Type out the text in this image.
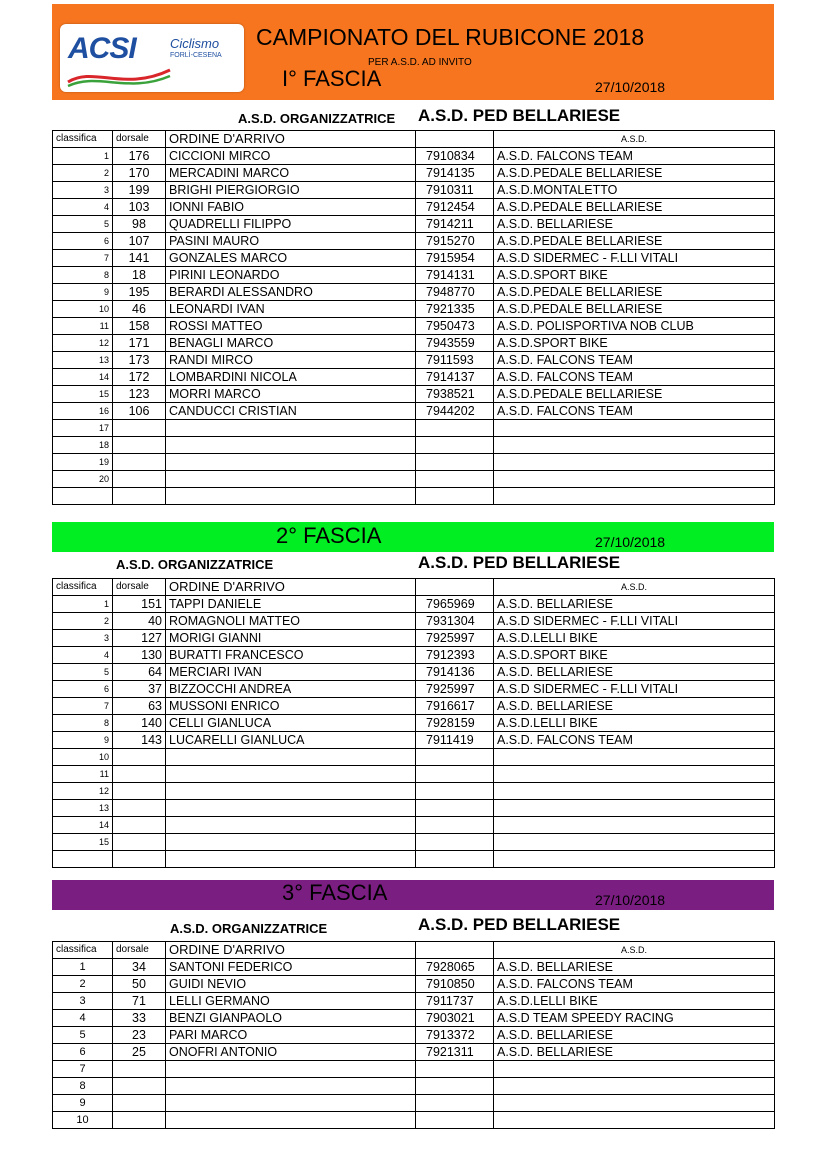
ACSI	Ciclismo
FORLÌ-CESENA
CAMPIONATO DEL RUBICONE 2018
PER A.S.D. AD INVITO
I° FASCIA	27/10/2018
A.S.D. ORGANIZZATRICE A.S.D. PED BELLARIESE
classifica	dorsale	ORDINE D'ARRIVO		A.S.D.
1	176	CICCIONI MIRCO	7910834	A.S.D. FALCONS TEAM
2	170	MERCADINI MARCO	7914135	A.S.D.PEDALE BELLARIESE
3	199	BRIGHI PIERGIORGIO	7910311	A.S.D.MONTALETTO
4	103	IONNI FABIO	7912454	A.S.D.PEDALE BELLARIESE
5	98	QUADRELLI FILIPPO	7914211	A.S.D. BELLARIESE
6	107	PASINI MAURO	7915270	A.S.D.PEDALE BELLARIESE
7	141	GONZALES MARCO	7915954	A.S.D SIDERMEC - F.LLI VITALI
8	18	PIRINI LEONARDO	7914131	A.S.D.SPORT BIKE
9	195	BERARDI ALESSANDRO	7948770	A.S.D.PEDALE BELLARIESE
10	46	LEONARDI IVAN	7921335	A.S.D.PEDALE BELLARIESE
11	158	ROSSI MATTEO	7950473	A.S.D. POLISPORTIVA NOB CLUB
12	171	BENAGLI MARCO	7943559	A.S.D.SPORT BIKE
13	173	RANDI MIRCO	7911593	A.S.D. FALCONS TEAM
14	172	LOMBARDINI NICOLA	7914137	A.S.D. FALCONS TEAM
15	123	MORRI MARCO	7938521	A.S.D.PEDALE BELLARIESE
16	106	CANDUCCI CRISTIAN	7944202	A.S.D. FALCONS TEAM
17				
18				
19				
20				

2° FASCIA	27/10/2018
A.S.D. ORGANIZZATRICE	A.S.D. PED BELLARIESE
classifica	dorsale	ORDINE D'ARRIVO		A.S.D.
1	151	TAPPI DANIELE	7965969	A.S.D. BELLARIESE
2	40	ROMAGNOLI MATTEO	7931304	A.S.D SIDERMEC - F.LLI VITALI
3	127	MORIGI GIANNI	7925997	A.S.D.LELLI BIKE
4	130	BURATTI FRANCESCO	7912393	A.S.D.SPORT BIKE
5	64	MERCIARI IVAN	7914136	A.S.D. BELLARIESE
6	37	BIZZOCCHI ANDREA	7925997	A.S.D SIDERMEC - F.LLI VITALI
7	63	MUSSONI ENRICO	7916617	A.S.D. BELLARIESE
8	140	CELLI GIANLUCA	7928159	A.S.D.LELLI BIKE
9	143	LUCARELLI GIANLUCA	7911419	A.S.D. FALCONS TEAM
10				
11				
12				
13				
14				
15				

3° FASCIA	27/10/2018
A.S.D. ORGANIZZATRICE	A.S.D. PED BELLARIESE
classifica	dorsale	ORDINE D'ARRIVO		A.S.D.
1	34	SANTONI FEDERICO	7928065	A.S.D. BELLARIESE
2	50	GUIDI NEVIO	7910850	A.S.D. FALCONS TEAM
3	71	LELLI GERMANO	7911737	A.S.D.LELLI BIKE
4	33	BENZI GIANPAOLO	7903021	A.S.D TEAM SPEEDY RACING
5	23	PARI MARCO	7913372	A.S.D. BELLARIESE
6	25	ONOFRI ANTONIO	7921311	A.S.D. BELLARIESE
7				
8				
9				
10				
